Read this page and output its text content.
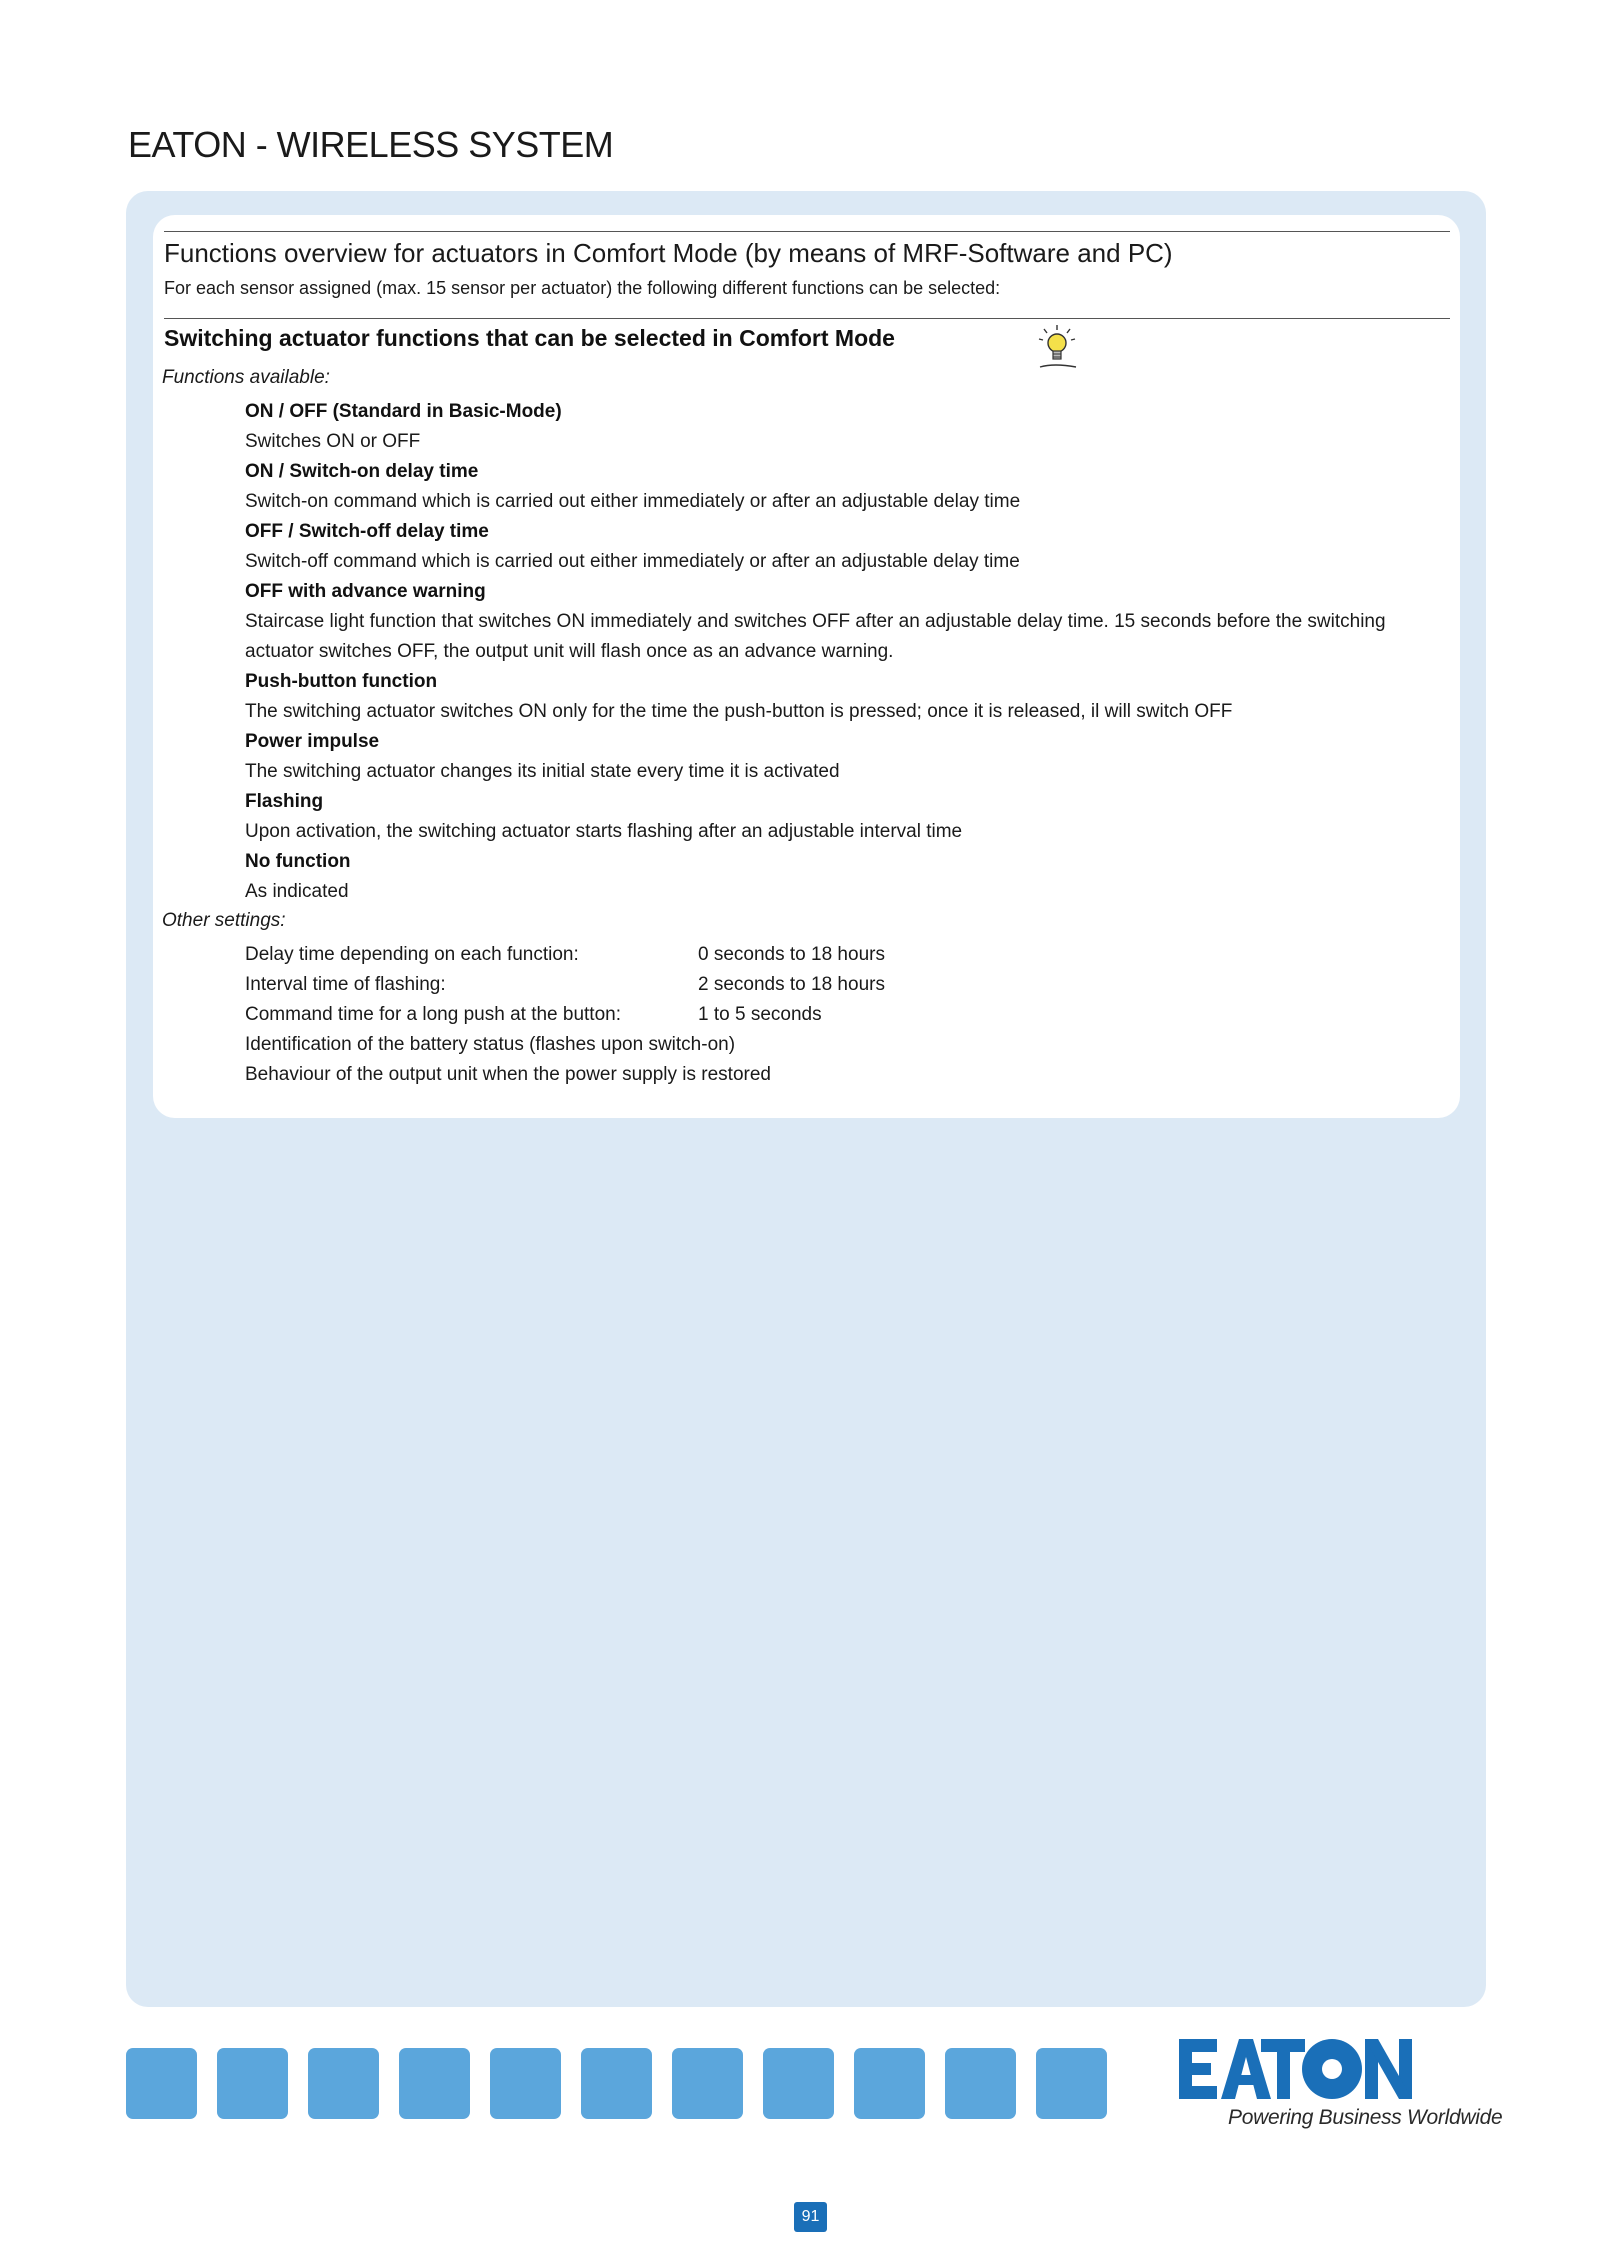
EATON - WIRELESS SYSTEM
Functions overview for actuators in Comfort Mode (by means of MRF-Software and PC)
For each sensor assigned (max. 15 sensor per actuator) the following different functions can be selected:
Switching actuator functions that can be selected in Comfort Mode
Functions available:
ON / OFF (Standard in Basic-Mode)
Switches ON or OFF
ON / Switch-on delay time
Switch-on command which is carried out either immediately or after an adjustable delay time
OFF / Switch-off delay time
Switch-off command which is carried out either immediately or after an adjustable delay time
OFF with advance warning
Staircase light function that switches ON immediately and switches OFF after an adjustable delay time. 15 seconds before the switching actuator switches OFF, the output unit will flash once as an advance warning.
Push-button function
The switching actuator switches ON only for the time the push-button is pressed; once it is released, il will switch OFF
Power impulse
The switching actuator changes its initial state every time it is activated
Flashing
Upon activation, the switching actuator starts flashing after an adjustable interval time
No function
As indicated
Other settings:
Delay time depending on each function:	0 seconds to 18 hours
Interval time of flashing:	2 seconds to 18 hours
Command time for a long push at the button:	1 to 5 seconds
Identification of the battery status (flashes upon switch-on)
Behaviour of the output unit when the power supply is restored
Powering Business Worldwide
91
